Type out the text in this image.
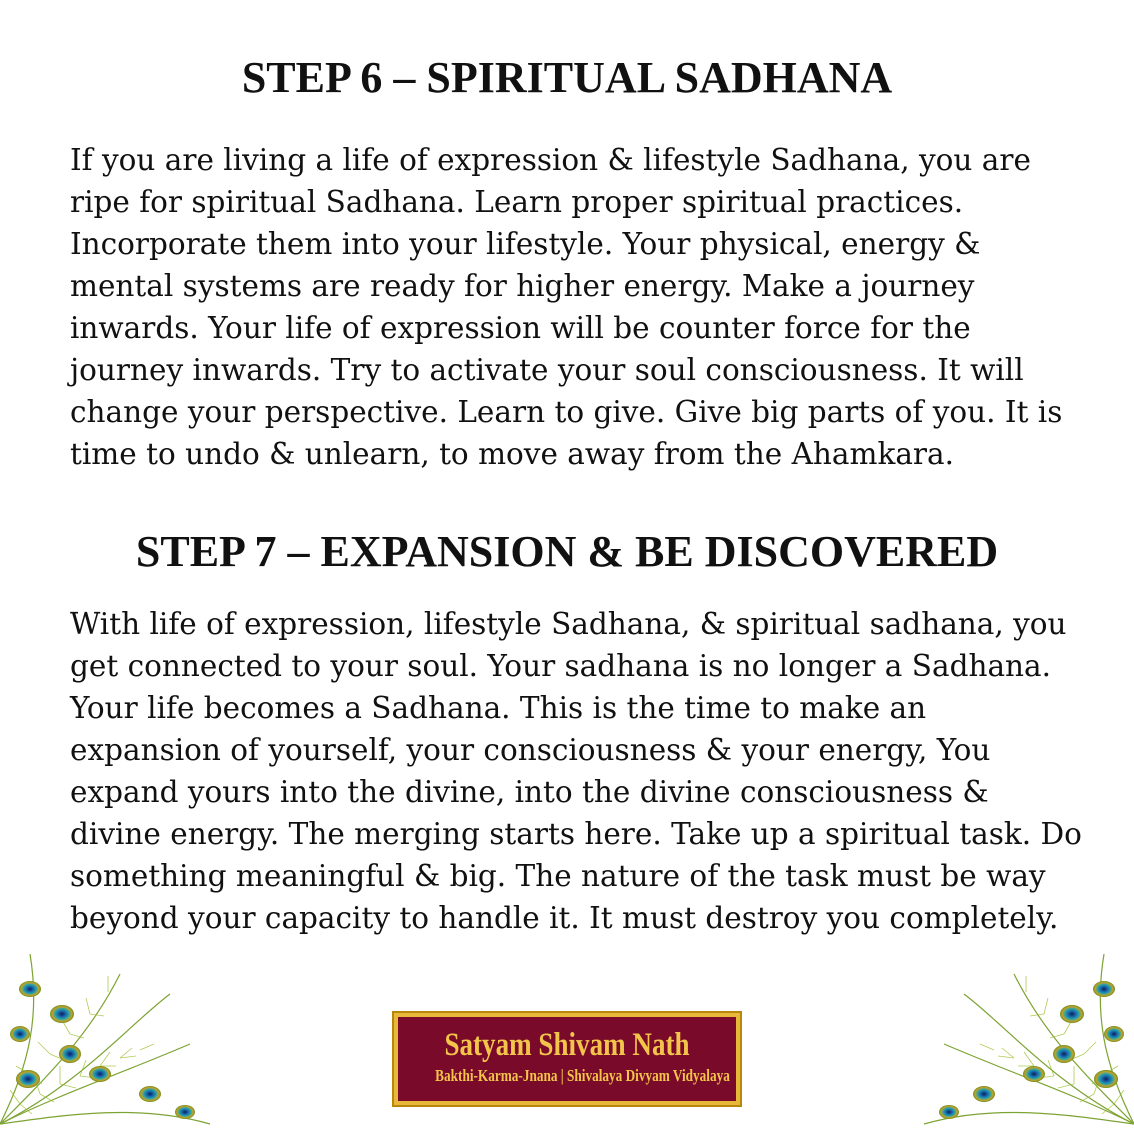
STEP 6 – SPIRITUAL SADHANA

If you are living a life of expression & lifestyle Sadhana, you are
ripe for spiritual Sadhana. Learn proper spiritual practices.
Incorporate them into your lifestyle. Your physical, energy &
mental systems are ready for higher energy. Make a journey
inwards. Your life of expression will be counter force for the
journey inwards. Try to activate your soul consciousness. It will
change your perspective. Learn to give. Give big parts of you. It is
time to undo & unlearn, to move away from the Ahamkara.

STEP 7 – EXPANSION & BE DISCOVERED

With life of expression, lifestyle Sadhana, & spiritual sadhana, you
get connected to your soul. Your sadhana is no longer a Sadhana.
Your life becomes a Sadhana. This is the time to make an
expansion of yourself, your consciousness & your energy, You
expand yours into the divine, into the divine consciousness &
divine energy. The merging starts here. Take up a spiritual task. Do
something meaningful & big. The nature of the task must be way
beyond your capacity to handle it. It must destroy you completely.

Satyam Shivam Nath
Bakthi-Karma-Jnana | Shivalaya Divyam Vidyalaya
